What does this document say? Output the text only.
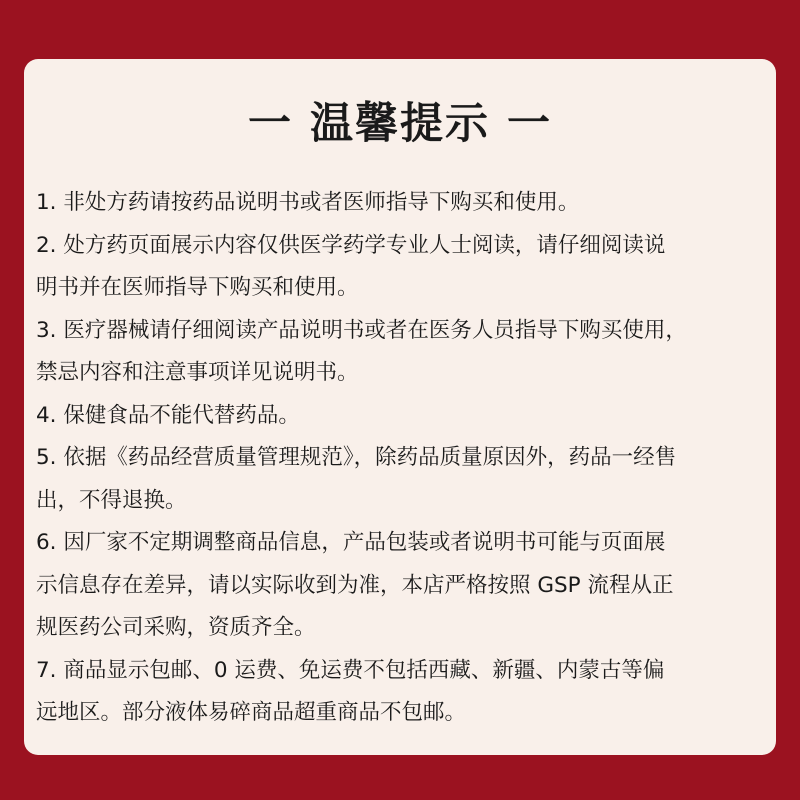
一 温馨提示 一
1. 非处方药请按药品说明书或者医师指导下购买和使用。
2. 处方药页面展示内容仅供医学药学专业人士阅读，请仔细阅读说
明书并在医师指导下购买和使用。
3. 医疗器械请仔细阅读产品说明书或者在医务人员指导下购买使用，
禁忌内容和注意事项详见说明书。
4. 保健食品不能代替药品。
5. 依据《药品经营质量管理规范》，除药品质量原因外，药品一经售
出，不得退换。
6. 因厂家不定期调整商品信息，产品包装或者说明书可能与页面展
示信息存在差异，请以实际收到为准，本店严格按照 GSP 流程从正
规医药公司采购，资质齐全。
7. 商品显示包邮、0 运费、免运费不包括西藏、新疆、内蒙古等偏
远地区。部分液体易碎商品超重商品不包邮。
